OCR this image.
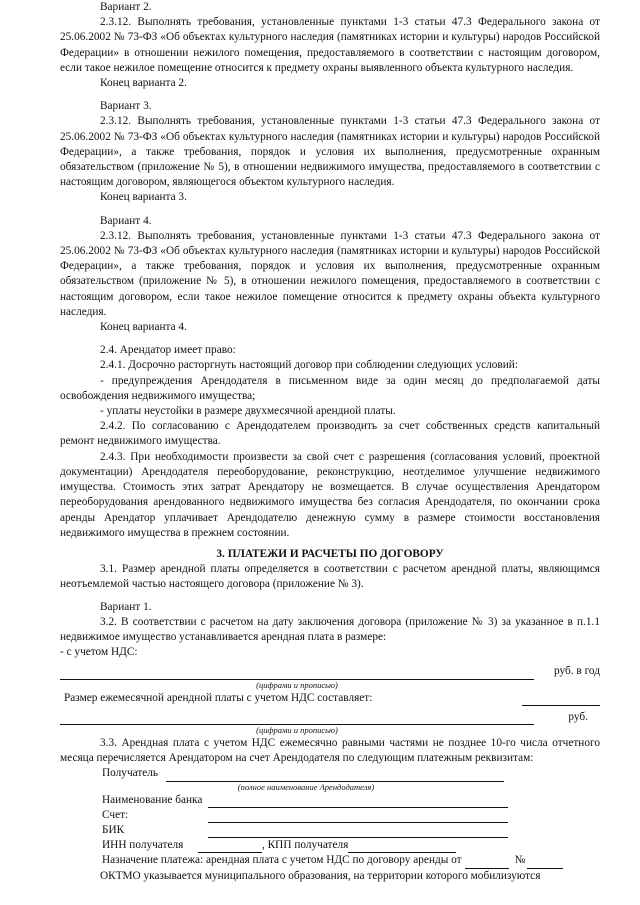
Вариант 2.
2.3.12. Выполнять требования, установленные пунктами 1-3 статьи 47.3 Федерального закона от 25.06.2002 № 73-ФЗ «Об объектах культурного наследия (памятниках истории и культуры) народов Российской Федерации» в отношении нежилого помещения, предоставляемого в соответствии с настоящим договором, если такое нежилое помещение относится к предмету охраны выявленного объекта культурного наследия.
Конец варианта 2.
Вариант 3.
2.3.12. Выполнять требования, установленные пунктами 1-3 статьи 47.3 Федерального закона от 25.06.2002 № 73-ФЗ «Об объектах культурного наследия (памятниках истории и культуры) народов Российской Федерации», а также требования, порядок и условия их выполнения, предусмотренные охранным обязательством (приложение № 5), в отношении недвижимого имущества, предоставляемого в соответствии с настоящим договором, являющегося объектом культурного наследия.
Конец варианта 3.
Вариант 4.
2.3.12. Выполнять требования, установленные пунктами 1-3 статьи 47.3 Федерального закона от 25.06.2002 № 73-ФЗ «Об объектах культурного наследия (памятниках истории и культуры) народов Российской Федерации», а также требования, порядок и условия их выполнения, предусмотренные охранным обязательством (приложение № 5), в отношении нежилого помещения, предоставляемого в соответствии с настоящим договором, если такое нежилое помещение относится к предмету охраны объекта культурного наследия.
Конец варианта 4.
2.4. Арендатор имеет право:
2.4.1. Досрочно расторгнуть настоящий договор при соблюдении следующих условий:
- предупреждения Арендодателя в письменном виде за один месяц до предполагаемой даты освобождения недвижимого имущества;
- уплаты неустойки в размере двухмесячной арендной платы.
2.4.2. По согласованию с Арендодателем производить за счет собственных средств капитальный ремонт недвижимого имущества.
2.4.3. При необходимости произвести за свой счет с разрешения (согласования условий, проектной документации) Арендодателя переоборудование, реконструкцию, неотделимое улучшение недвижимого имущества. Стоимость этих затрат Арендатору не возмещается. В случае осуществления Арендатором переоборудования арендованного недвижимого имущества без согласия Арендодателя, по окончании срока аренды Арендатор уплачивает Арендодателю денежную сумму в размере стоимости восстановления недвижимого имущества в прежнем состоянии.
3. ПЛАТЕЖИ И РАСЧЕТЫ ПО ДОГОВОРУ
3.1. Размер арендной платы определяется в соответствии с расчетом арендной платы, являющимся неотъемлемой частью настоящего договора (приложение № 3).
Вариант 1.
3.2. В соответствии с расчетом на дату заключения договора (приложение № 3) за указанное в п.1.1 недвижимое имущество устанавливается арендная плата в размере:
- с учетом НДС:
руб. в год
(цифрами и прописью)
Размер ежемесячной арендной платы с учетом НДС составляет:
руб.
(цифрами и прописью)
3.3. Арендная плата с учетом НДС ежемесячно равными частями не позднее 10-го числа отчетного месяца перечисляется Арендатором на счет Арендодателя по следующим платежным реквизитам:
Получатель
(полное наименование Арендодателя)
Наименование банка
Счет:
БИК
ИНН получателя	, КПП получателя
Назначение платежа: арендная плата с учетом НДС по договору аренды от	№
ОКТМО указывается муниципального образования, на территории которого мобилизуются
